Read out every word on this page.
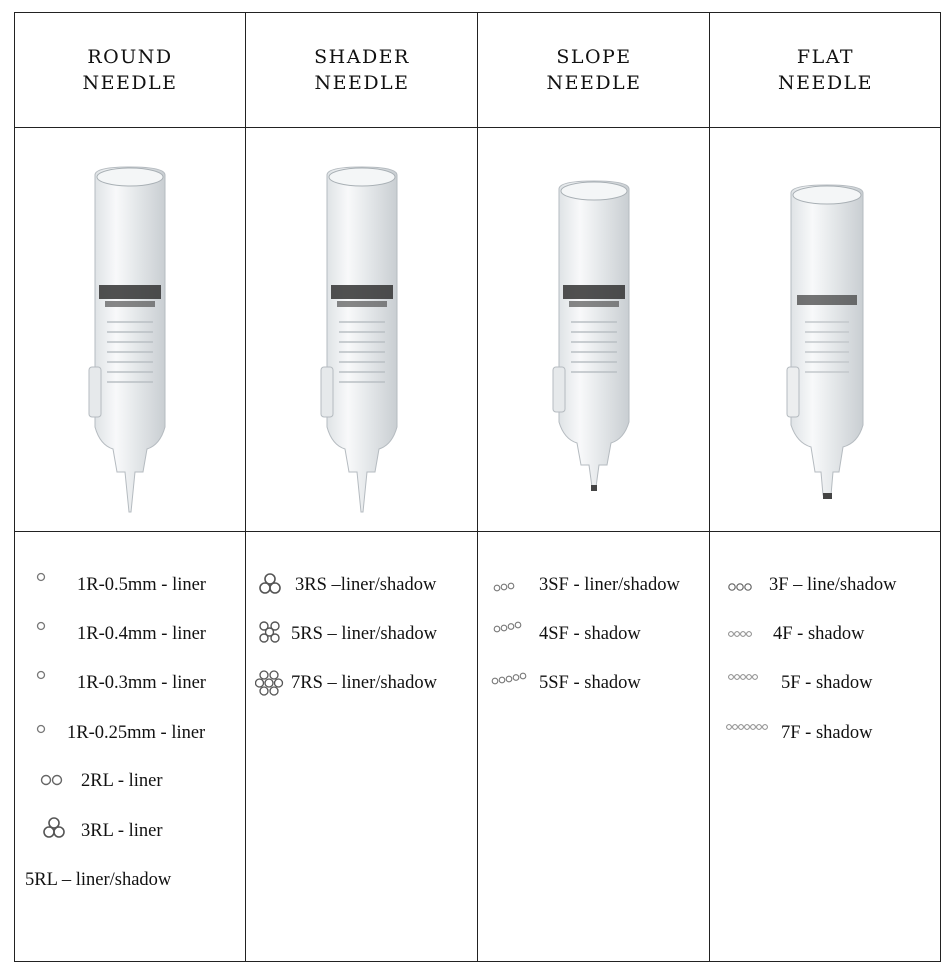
ROUND
NEEDLE
SHADER
NEEDLE
SLOPE
NEEDLE
FLAT
NEEDLE
1R-0.5mm - liner
1R-0.4mm - liner
1R-0.3mm - liner
1R-0.25mm - liner
2RL - liner
3RL - liner
5RL – liner/shadow
3RS –liner/shadow
5RS – liner/shadow
7RS – liner/shadow
3SF - liner/shadow
4SF - shadow
5SF - shadow
3F – line/shadow
4F - shadow
5F - shadow
7F - shadow
